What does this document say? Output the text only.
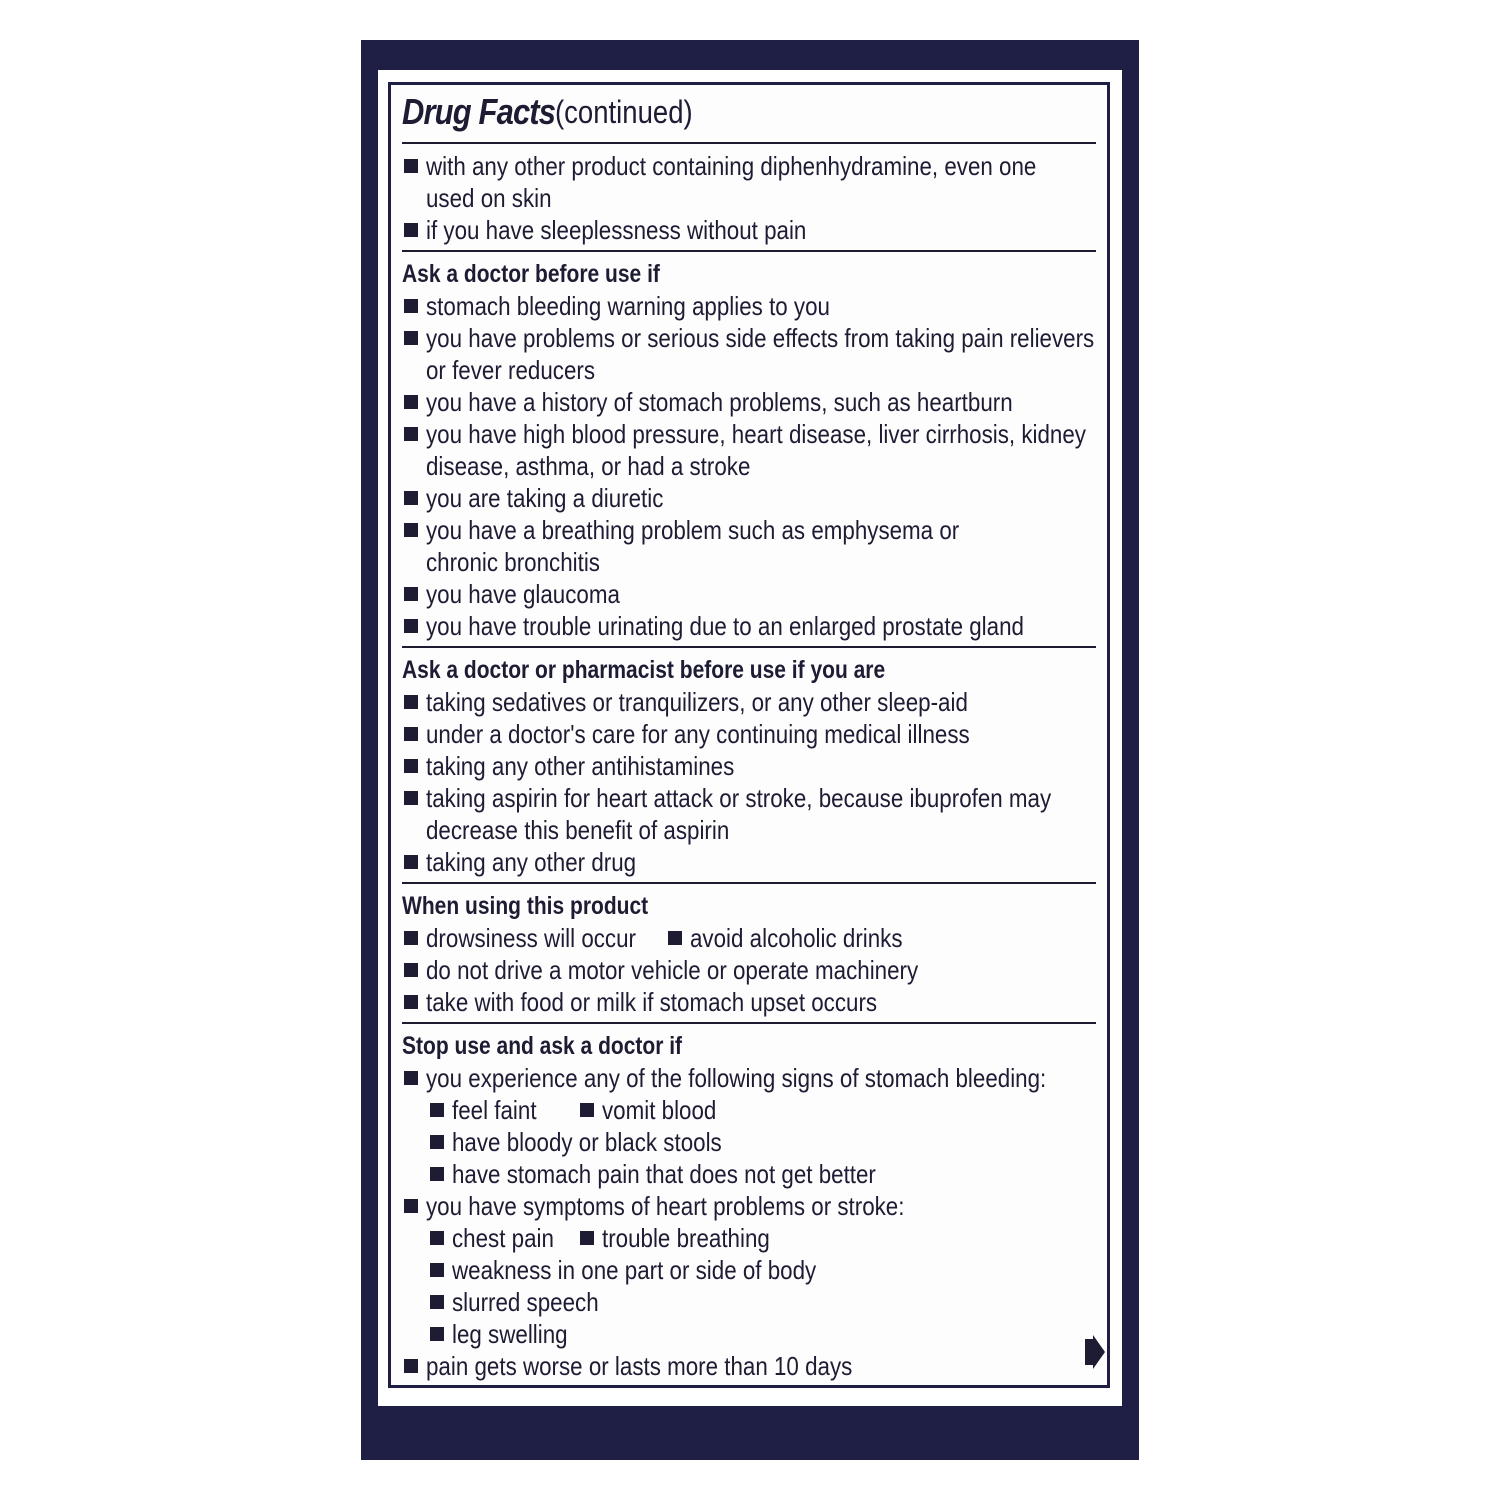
Drug Facts (continued)
with any other product containing diphenhydramine, even one used on skin
if you have sleeplessness without pain
Ask a doctor before use if
stomach bleeding warning applies to you
you have problems or serious side effects from taking pain relievers or fever reducers
you have a history of stomach problems, such as heartburn
you have high blood pressure, heart disease, liver cirrhosis, kidney disease, asthma, or had a stroke
you are taking a diuretic
you have a breathing problem such as emphysema or chronic bronchitis
you have glaucoma
you have trouble urinating due to an enlarged prostate gland
Ask a doctor or pharmacist before use if you are
taking sedatives or tranquilizers, or any other sleep-aid
under a doctor's care for any continuing medical illness
taking any other antihistamines
taking aspirin for heart attack or stroke, because ibuprofen may decrease this benefit of aspirin
taking any other drug
When using this product
drowsiness will occur avoid alcoholic drinks
do not drive a motor vehicle or operate machinery
take with food or milk if stomach upset occurs
Stop use and ask a doctor if
you experience any of the following signs of stomach bleeding:
feel faint	vomit blood
have bloody or black stools
have stomach pain that does not get better
you have symptoms of heart problems or stroke:
chest pain trouble breathing
weakness in one part or side of body
slurred speech
leg swelling
pain gets worse or lasts more than 10 days
